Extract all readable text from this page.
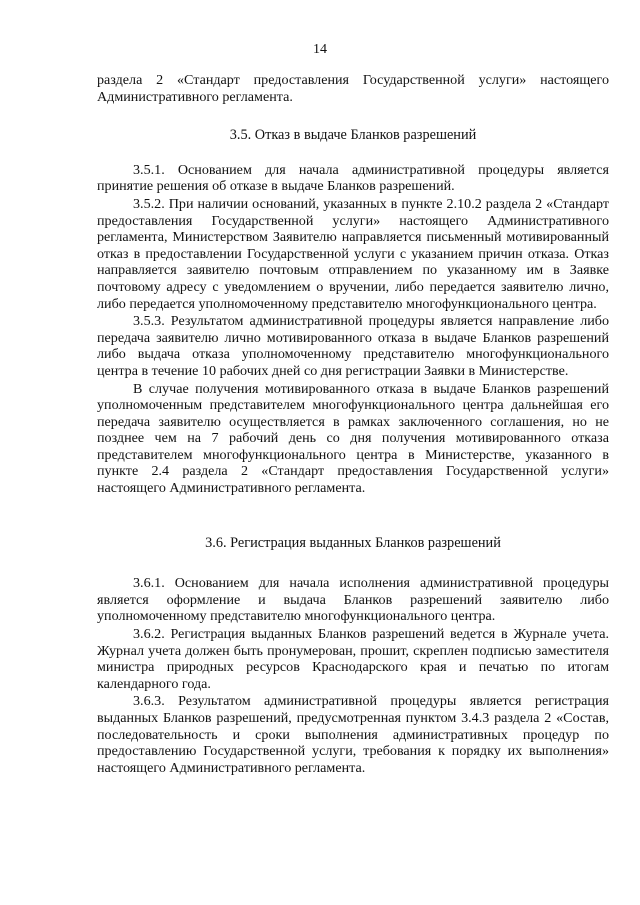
14

раздела 2 «Стандарт предоставления Государственной услуги» настоящего Административного регламента.

3.5. Отказ в выдаче Бланков разрешений

3.5.1. Основанием для начала административной процедуры является принятие решения об отказе в выдаче Бланков разрешений.

3.5.2. При наличии оснований, указанных в пункте 2.10.2 раздела 2 «Стандарт предоставления Государственной услуги» настоящего Административного регламента, Министерством Заявителю направляется письменный мотивированный отказ в предоставлении Государственной услуги с указанием причин отказа. Отказ направляется заявителю почтовым отправлением по указанному им в Заявке почтовому адресу с уведомлением о вручении, либо передается заявителю лично, либо передается уполномоченному представителю многофункционального центра.

3.5.3. Результатом административной процедуры является направление либо передача заявителю лично мотивированного отказа в выдаче Бланков разрешений либо выдача отказа уполномоченному представителю многофункционального центра в течение 10 рабочих дней со дня регистрации Заявки в Министерстве.

В случае получения мотивированного отказа в выдаче Бланков разрешений уполномоченным представителем многофункционального центра дальнейшая его передача заявителю осуществляется в рамках заключенного соглашения, но не позднее чем на 7 рабочий день со дня получения мотивированного отказа представителем многофункционального центра в Министерстве, указанного в пункте 2.4 раздела 2 «Стандарт предоставления Государственной услуги» настоящего Административного регламента.

3.6. Регистрация выданных Бланков разрешений

3.6.1. Основанием для начала исполнения административной процедуры является оформление и выдача Бланков разрешений заявителю либо уполномоченному представителю многофункционального центра.

3.6.2. Регистрация выданных Бланков разрешений ведется в Журнале учета. Журнал учета должен быть пронумерован, прошит, скреплен подписью заместителя министра природных ресурсов Краснодарского края и печатью по итогам календарного года.

3.6.3. Результатом административной процедуры является регистрация выданных Бланков разрешений, предусмотренная пунктом 3.4.3 раздела 2 «Состав, последовательность и сроки выполнения административных процедур по предоставлению Государственной услуги, требования к порядку их выполнения» настоящего Административного регламента.
